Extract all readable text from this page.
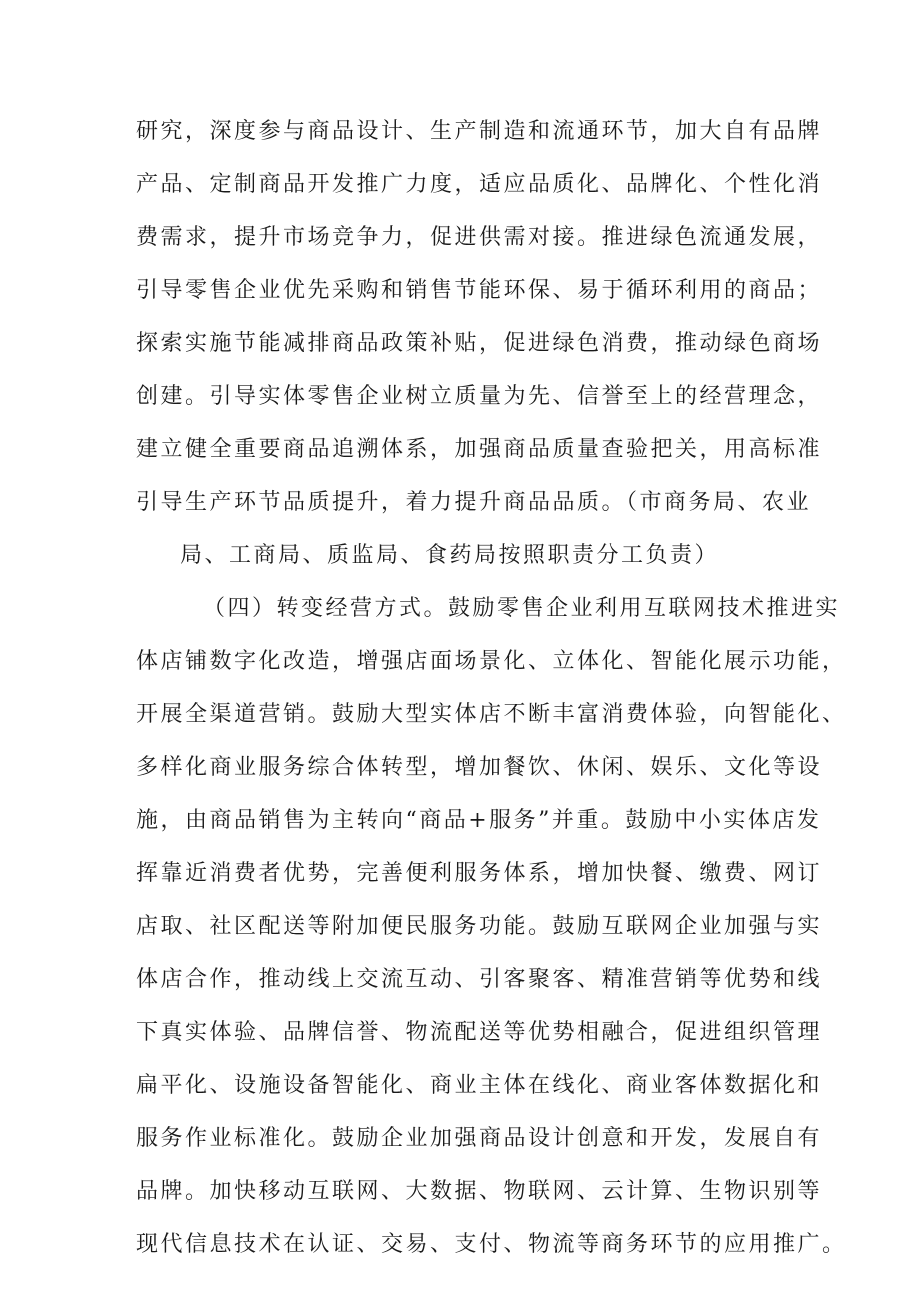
研究，深度参与商品设计、生产制造和流通环节，加大自有品牌
产品、定制商品开发推广力度，适应品质化、品牌化、个性化消
费需求，提升市场竞争力，促进供需对接。推进绿色流通发展，
引导零售企业优先采购和销售节能环保、易于循环利用的商品；
探索实施节能减排商品政策补贴，促进绿色消费，推动绿色商场
创建。引导实体零售企业树立质量为先、信誉至上的经营理念，
建立健全重要商品追溯体系，加强商品质量查验把关，用高标准
引导生产环节品质提升，着力提升商品品质。（市商务局、农业
局、工商局、质监局、食药局按照职责分工负责）
（四）转变经营方式。鼓励零售企业利用互联网技术推进实
体店铺数字化改造，增强店面场景化、立体化、智能化展示功能，
开展全渠道营销。鼓励大型实体店不断丰富消费体验，向智能化、
多样化商业服务综合体转型，增加餐饮、休闲、娱乐、文化等设
施，由商品销售为主转向“商品+服务”并重。鼓励中小实体店发
挥靠近消费者优势，完善便利服务体系，增加快餐、缴费、网订
店取、社区配送等附加便民服务功能。鼓励互联网企业加强与实
体店合作，推动线上交流互动、引客聚客、精准营销等优势和线
下真实体验、品牌信誉、物流配送等优势相融合，促进组织管理
扁平化、设施设备智能化、商业主体在线化、商业客体数据化和
服务作业标准化。鼓励企业加强商品设计创意和开发，发展自有
品牌。加快移动互联网、大数据、物联网、云计算、生物识别等
现代信息技术在认证、交易、支付、物流等商务环节的应用推广。
